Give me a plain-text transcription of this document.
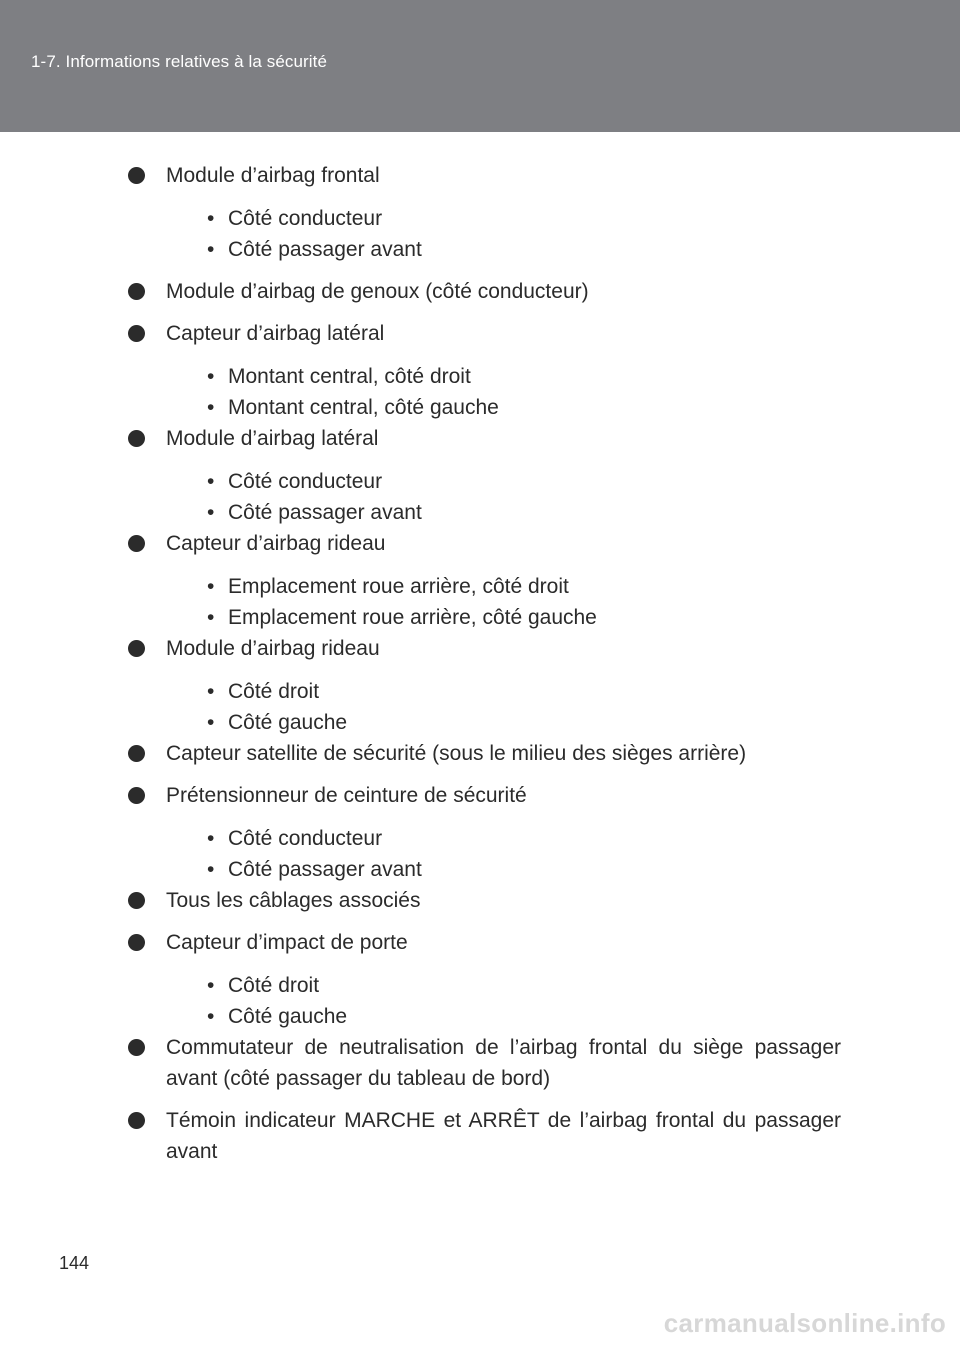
1-7. Informations relatives à la sécurité
Module d’airbag frontal
• Côté conducteur
• Côté passager avant
Module d’airbag de genoux (côté conducteur)
Capteur d’airbag latéral
• Montant central, côté droit
• Montant central, côté gauche
Module d’airbag latéral
• Côté conducteur
• Côté passager avant
Capteur d’airbag rideau
• Emplacement roue arrière, côté droit
• Emplacement roue arrière, côté gauche
Module d’airbag rideau
• Côté droit
• Côté gauche
Capteur satellite de sécurité (sous le milieu des sièges arrière)
Prétensionneur de ceinture de sécurité
• Côté conducteur
• Côté passager avant
Tous les câblages associés
Capteur d’impact de porte
• Côté droit
• Côté gauche
Commutateur de neutralisation de l’airbag frontal du siège passager avant (côté passager du tableau de bord)
Témoin indicateur MARCHE et ARRÊT de l’airbag frontal du passager avant
144
carmanualsonline.info
